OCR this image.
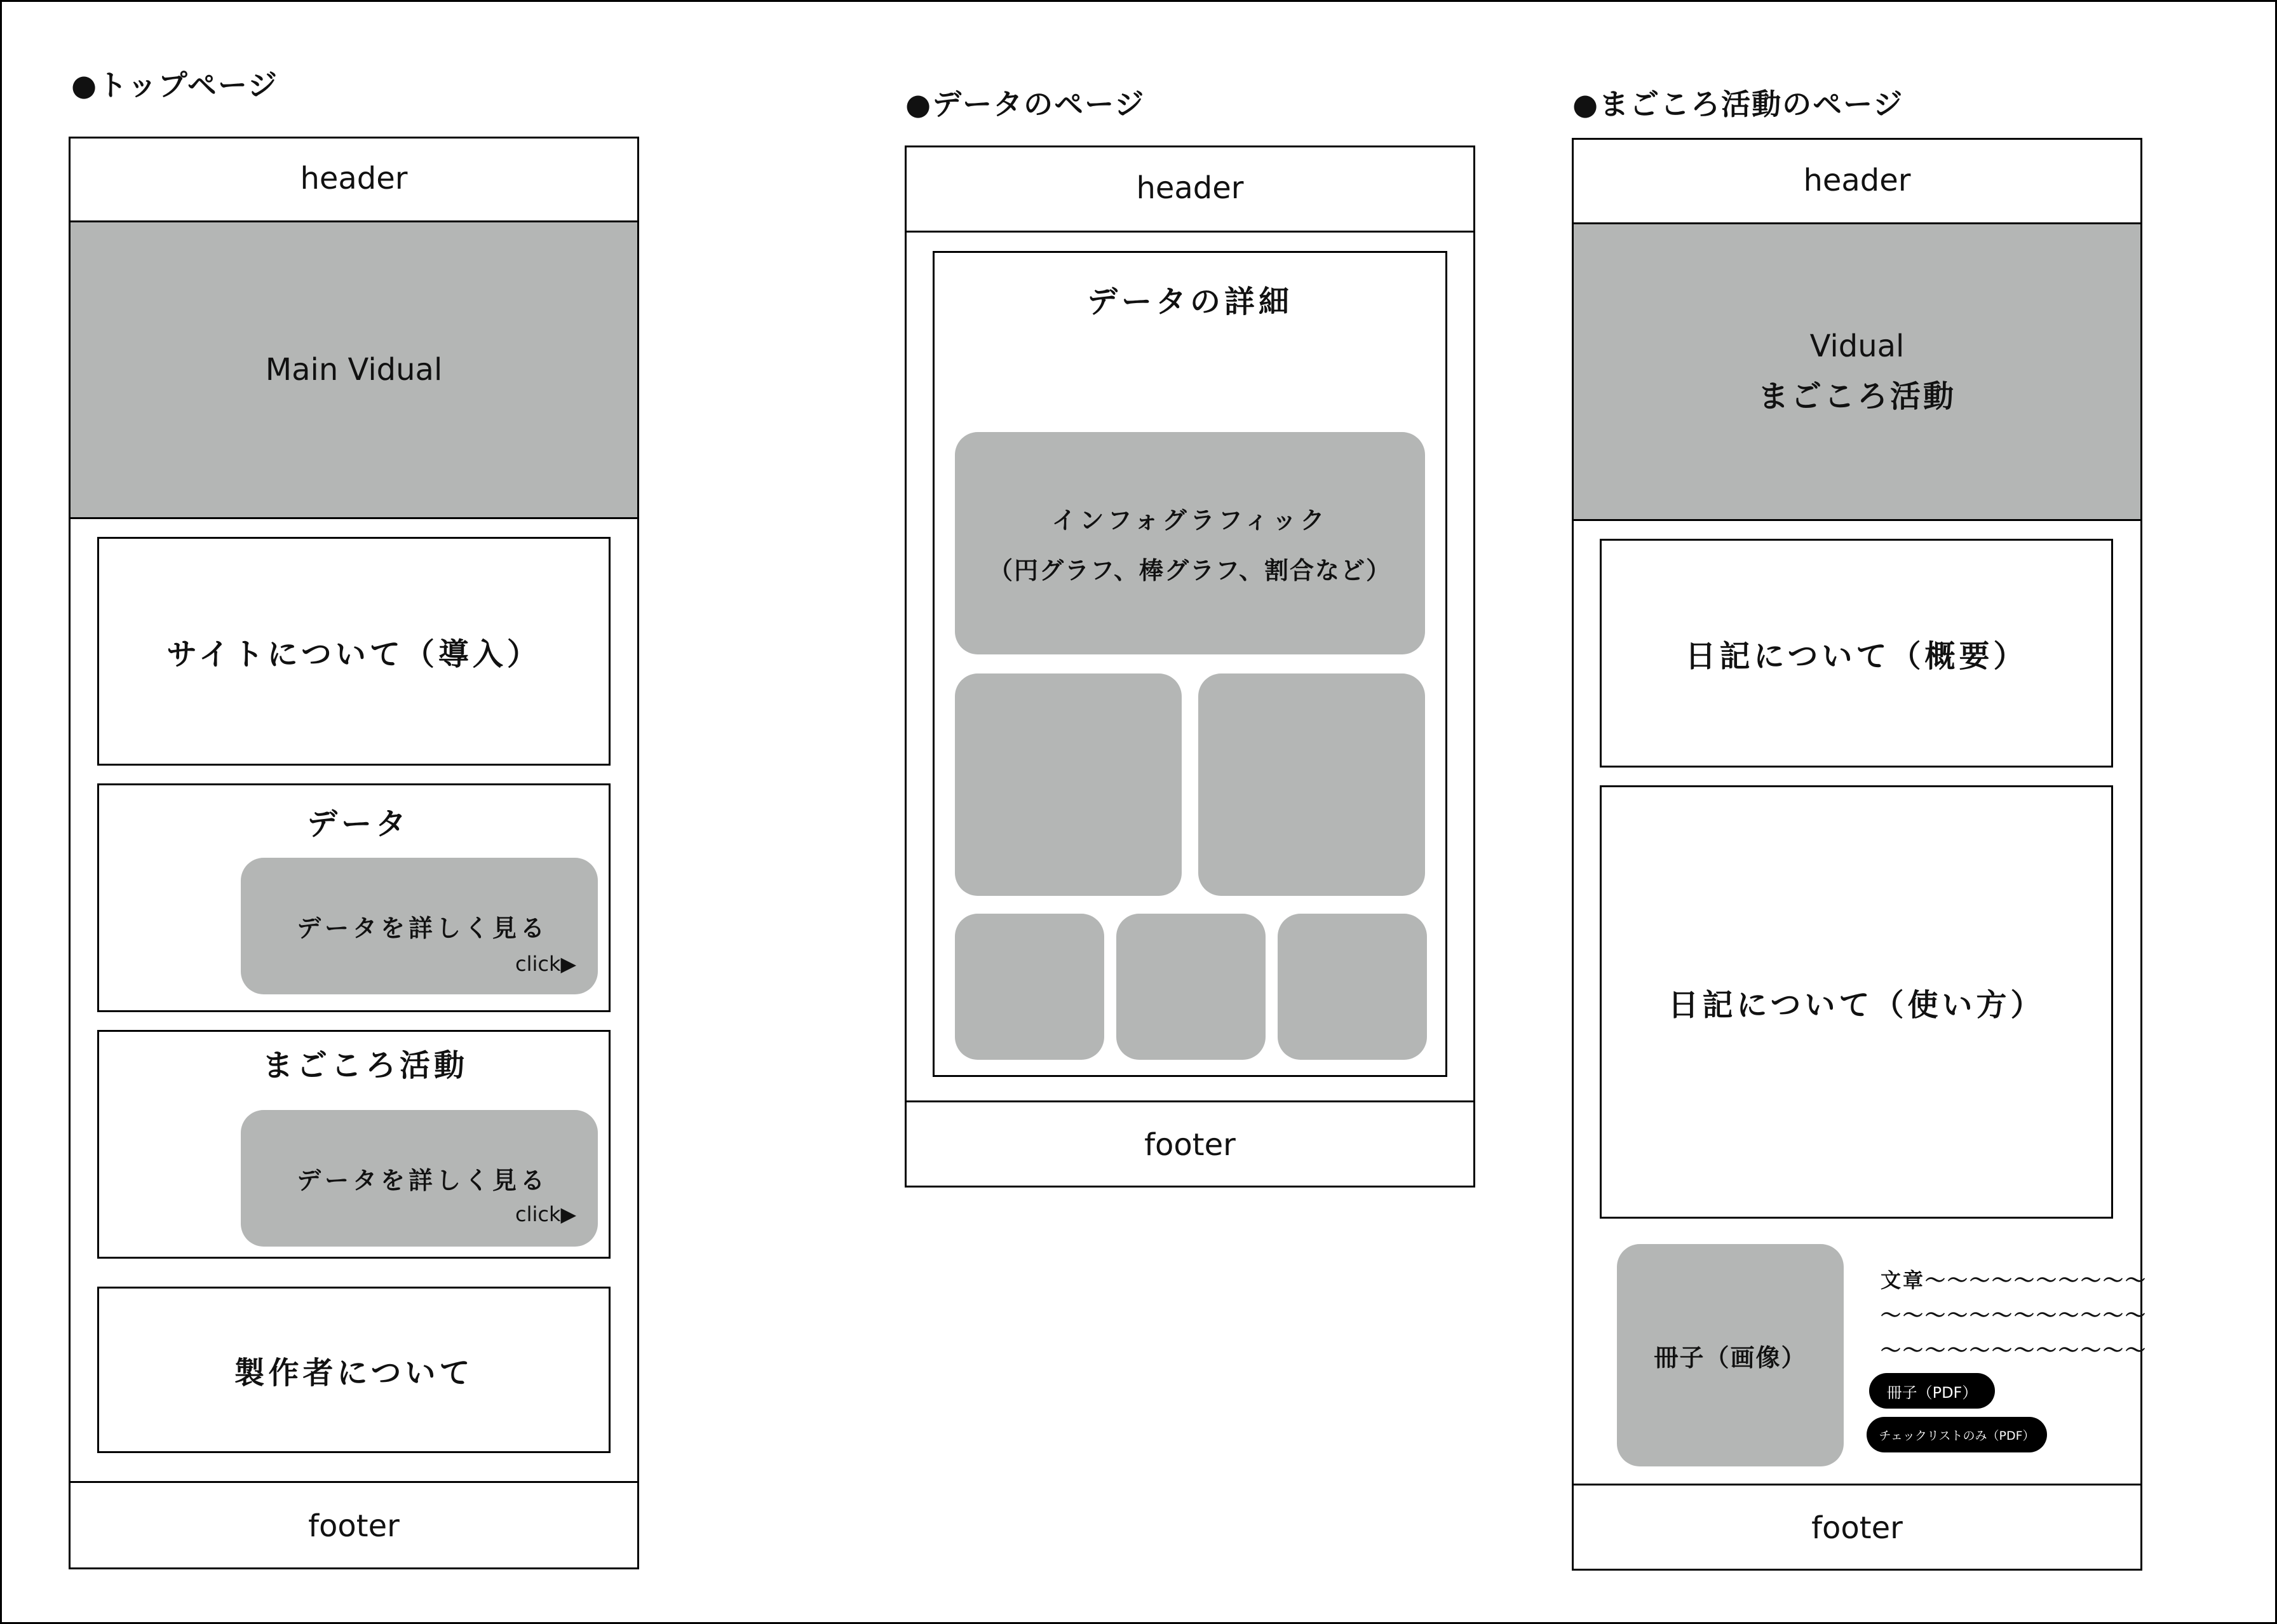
●トップページ
header
Main Vidual
サイトについて（導入）
データ
データを詳しく見る
click▶
まごころ活動
データを詳しく見る
click▶
製作者について
footer
●データのページ
header
データの詳細
インフォグラフィック
（円グラフ、棒グラフ、割合など）
footer
●まごころ活動のページ
header
Vidual
まごころ活動
日記について（概要）
日記について（使い方）
冊子（画像）
文章〜〜〜〜〜〜〜〜〜〜
〜〜〜〜〜〜〜〜〜〜〜〜
〜〜〜〜〜〜〜〜〜〜〜〜
冊子（PDF）
チェックリストのみ（PDF）
footer
